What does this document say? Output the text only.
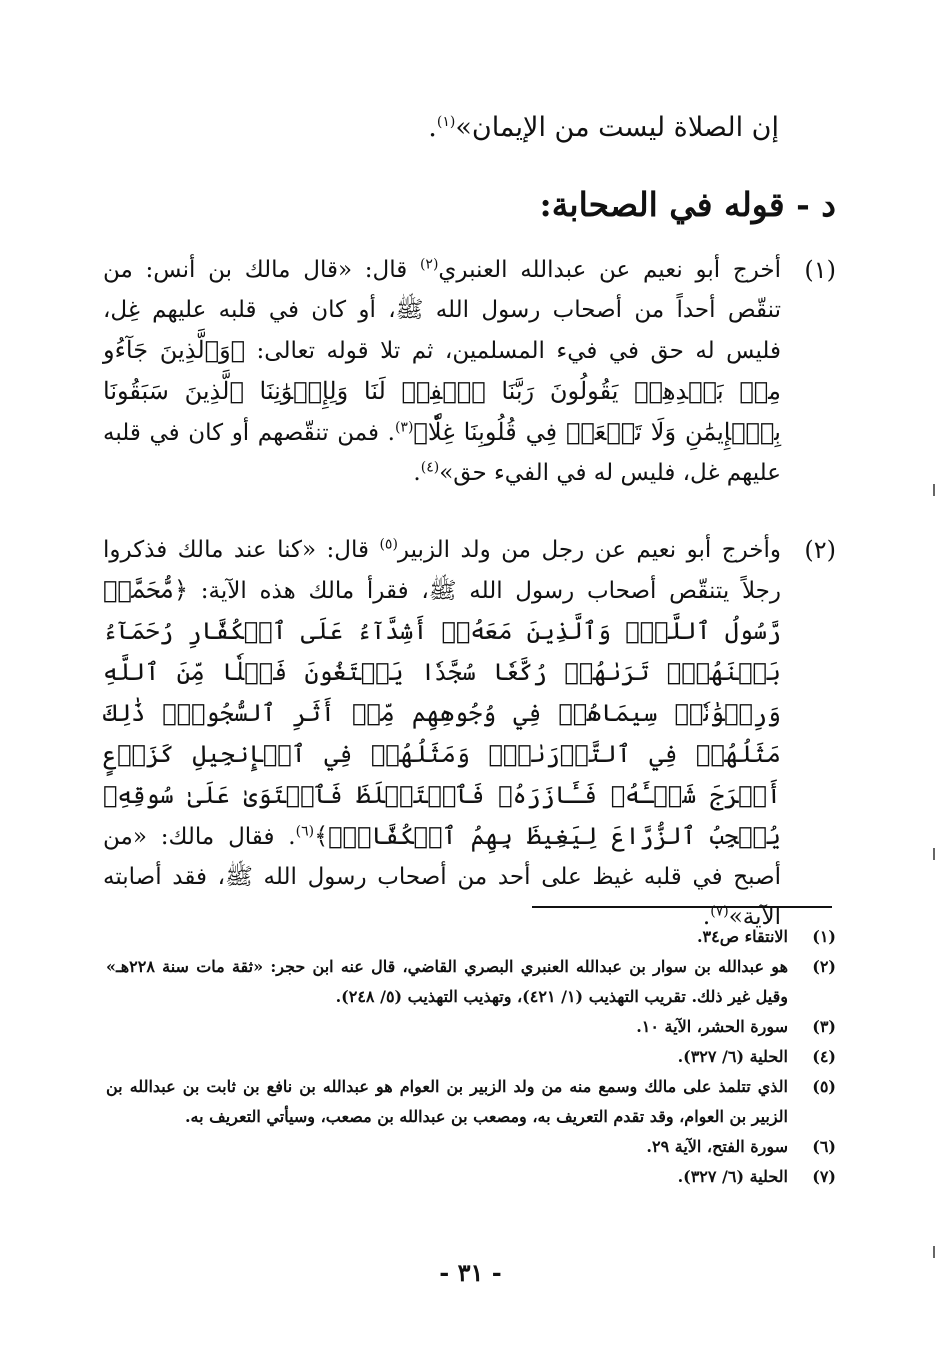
إن الصلاة ليست من الإيمان»$^{(١)}$.
د - قوله في الصحابة:
(١)

أخرج أبو نعيم عن عبدالله العنبري$^{(٢)}$ قال: «قال مالك بن أنس: من تنقّص أحداً من أصحاب رسول الله ﷺ، أو كان في قلبه عليهم غِل، فليس له حق في فيء المسلمين، ثم تلا قوله تعالى: ﴿وَٱلَّذِينَ جَآءُو مِنۢ بَعۡدِهِمۡ يَقُولُونَ رَبَّنَا ٱغۡفِرۡ لَنَا وَلِإِخۡوَٰنِنَا ٱلَّذِينَ سَبَقُونَا بِٱلۡإِيمَٰنِ وَلَا تَجۡعَلۡ فِي قُلُوبِنَا غِلّٗا﴾$^{(٣)}$. فمن تنقّصهم أو كان في قلبه عليهم غل، فليس له في الفيء حق»$^{(٤)}$.

(٢)

وأخرج أبو نعيم عن رجل من ولد الزبير$^{(٥)}$ قال: «كنا عند مالك فذكروا رجلاً يتنقّص أصحاب رسول الله ﷺ، فقرأ مالك هذه الآية: ﴿مُّحَمَّدٞ رَّسُولُ ٱللَّهِۚ وَٱلَّذِينَ مَعَهُۥٓ أَشِدَّآءُ عَلَى ٱلۡكُفَّارِ رُحَمَآءُ بَيۡنَهُمۡۖ تَرَىٰهُمۡ رُكَّعٗا سُجَّدٗا يَبۡتَغُونَ فَضۡلٗا مِّنَ ٱللَّهِ وَرِضۡوَٰنٗاۖ سِيمَاهُمۡ فِي وُجُوهِهِم مِّنۡ أَثَرِ ٱلسُّجُودِۚ ذَٰلِكَ مَثَلُهُمۡ فِي ٱلتَّوۡرَىٰةِۚ وَمَثَلُهُمۡ فِي ٱلۡإِنجِيلِ كَزَرۡعٍ أَخۡرَجَ شَطۡـَٔهُۥ فَـَٔازَرَهُۥ فَٱسۡتَغۡلَظَ فَٱسۡتَوَىٰ عَلَىٰ سُوقِهِۦ يُعۡجِبُ ٱلزُّرَّاعَ لِيَغِيظَ بِهِمُ ٱلۡكُفَّارَۗ﴾$^{(٦)}$. فقال مالك: «من أصبح في قلبه غيظ على أحد من أصحاب رسول الله ﷺ، فقد أصابته الآية»$^{(٧)}$.

(١)
الانتقاء ص٣٤.
(٢)
هو عبدالله بن سوار بن عبدالله العنبري البصري القاضي، قال عنه ابن حجر: «ثقة مات سنة ٢٢٨هـ» وقيل غير ذلك. تقريب التهذيب (١/ ٤٢١)، وتهذيب التهذيب (٥/ ٢٤٨).
(٣)
سورة الحشر، الآية ١٠.
(٤)
الحلية (٦/ ٣٢٧).
(٥)
الذي تتلمذ على مالك وسمع منه من ولد الزبير بن العوام هو عبدالله بن نافع بن ثابت بن عبدالله بن الزبير بن العوام، وقد تقدم التعريف به، ومصعب بن عبدالله بن مصعب، وسيأتي التعريف به.
(٦)
سورة الفتح، الآية ٢٩.
(٧)
الحلية (٦/ ٣٢٧).
- ٣١ -
